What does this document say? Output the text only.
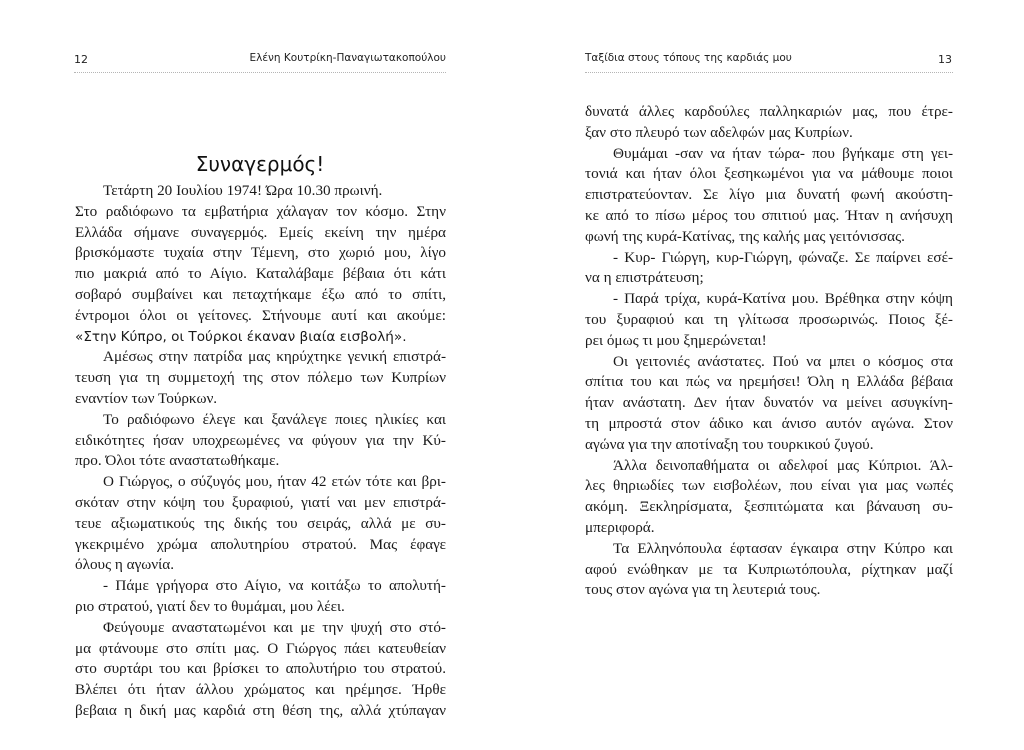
12	Ελένη Κουτρίκη-Παναγιωτακοπούλου
Συναγερμός!
Τετάρτη 20 Ιουλίου 1974! Ώρα 10.30 πρωινή.
Στο ραδιόφωνο τα εμβατήρια χάλαγαν τον κόσμο. Στην
Ελλάδα σήμανε συναγερμός. Εμείς εκείνη την ημέρα
βρισκόμαστε τυχαία στην Τέμενη, στο χωριό μου, λίγο
πιο μακριά από το Αίγιο. Καταλάβαμε βέβαια ότι κάτι
σοβαρό συμβαίνει και πεταχτήκαμε έξω από το σπίτι,
έντρομοι όλοι οι γείτονες. Στήνουμε αυτί και ακούμε:
«Στην Κύπρο, οι Τούρκοι έκαναν βιαία εισβολή».
Αμέσως στην πατρίδα μας κηρύχτηκε γενική επιστρά-
τευση για τη συμμετοχή της στον πόλεμο των Κυπρίων
εναντίον των Τούρκων.
Το ραδιόφωνο έλεγε και ξανάλεγε ποιες ηλικίες και
ειδικότητες ήσαν υποχρεωμένες να φύγουν για την Κύ-
προ. Όλοι τότε αναστατωθήκαμε.
Ο Γιώργος, ο σύζυγός μου, ήταν 42 ετών τότε και βρι-
σκόταν στην κόψη του ξυραφιού, γιατί ναι μεν επιστρά-
τευε αξιωματικούς της δικής του σειράς, αλλά με συ-
γκεκριμένο χρώμα απολυτηρίου στρατού. Μας έφαγε
όλους η αγωνία.
- Πάμε γρήγορα στο Αίγιο, να κοιτάξω το απολυτή-
ριο στρατού, γιατί δεν το θυμάμαι, μου λέει.
Φεύγουμε αναστατωμένοι και με την ψυχή στο στό-
μα φτάνουμε στο σπίτι μας. Ο Γιώργος πάει κατευθείαν
στο συρτάρι του και βρίσκει το απολυτήριο του στρατού.
Βλέπει ότι ήταν άλλου χρώματος και ηρέμησε. Ήρθε
βεβαια η δική μας καρδιά στη θέση της, αλλά χτύπαγαν
Ταξίδια στους τόπους της καρδιάς μου	13
δυνατά άλλες καρδούλες παλληκαριών μας, που έτρε-
ξαν στο πλευρό των αδελφών μας Κυπρίων.
Θυμάμαι -σαν να ήταν τώρα- που βγήκαμε στη γει-
τονιά και ήταν όλοι ξεσηκωμένοι για να μάθουμε ποιοι
επιστρατεύονταν. Σε λίγο μια δυνατή φωνή ακούστη-
κε από το πίσω μέρος του σπιτιού μας. Ήταν η ανήσυχη
φωνή της κυρά-Κατίνας, της καλής μας γειτόνισσας.
- Κυρ- Γιώργη, κυρ-Γιώργη, φώναζε. Σε παίρνει εσέ-
να η επιστράτευση;
- Παρά τρίχα, κυρά-Κατίνα μου. Βρέθηκα στην κόψη
του ξυραφιού και τη γλίτωσα προσωρινώς. Ποιος ξέ-
ρει όμως τι μου ξημερώνεται!
Οι γειτονιές ανάστατες. Πού να μπει ο κόσμος στα
σπίτια του και πώς να ηρεμήσει! Όλη η Ελλάδα βέβαια
ήταν ανάστατη. Δεν ήταν δυνατόν να μείνει ασυγκίνη-
τη μπροστά στον άδικο και άνισο αυτόν αγώνα. Στον
αγώνα για την αποτίναξη του τουρκικού ζυγού.
Άλλα δεινοπαθήματα οι αδελφοί μας Κύπριοι. Άλ-
λες θηριωδίες των εισβολέων, που είναι για μας νωπές
ακόμη. Ξεκληρίσματα, ξεσπιτώματα και βάναυση συ-
μπεριφορά.
Τα Ελληνόπουλα έφτασαν έγκαιρα στην Κύπρο και
αφού ενώθηκαν με τα Κυπριωτόπουλα, ρίχτηκαν μαζί
τους στον αγώνα για τη λευτεριά τους.
